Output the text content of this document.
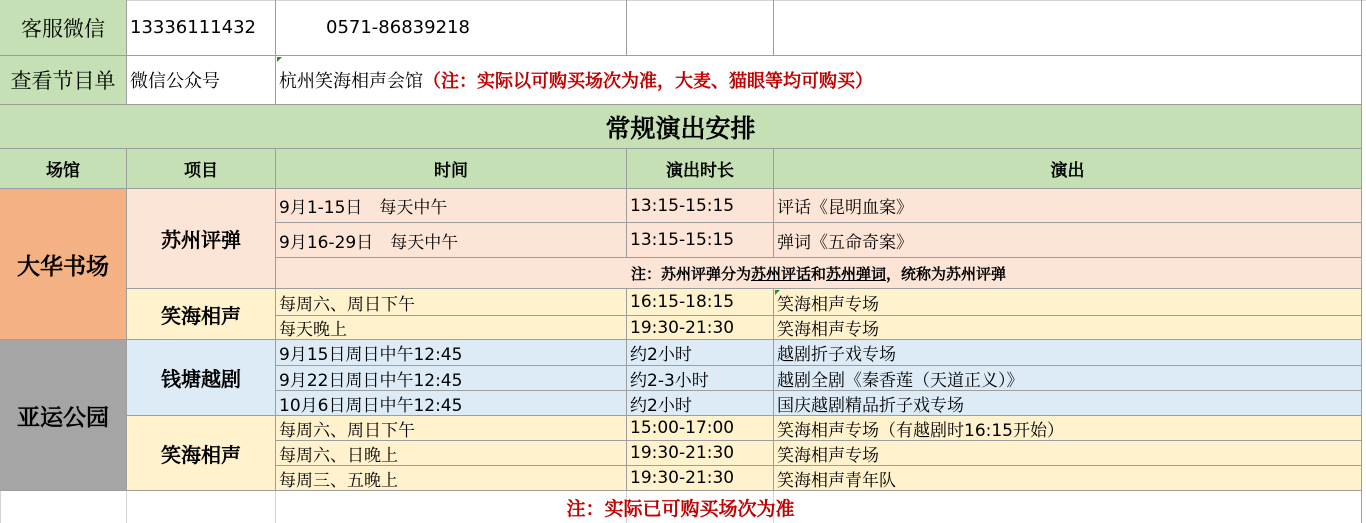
客服微信	13336111432	0571-86839218
查看节目单 微信公众号	杭州笑海相声会馆 （注：实际以可购买场次为准，大麦、猫眼等均可购买）
常规演出安排
场馆	项目	时间	演出时长	演出
大华书场
苏州评弹
9月1-15日　每天中午	13:15-15:15	评话《昆明血案》
9月16-29日　每天中午	13:15-15:15	弹词《五命奇案》
注：苏州评弹分为 苏州评话 和 苏州弹词 ，统称为苏州评弹
笑海相声	每周六、周日下午	16:15-18:15	笑海相声专场
每天晚上	19:30-21:30	笑海相声专场
亚运公园
钱塘越剧
9月15日周日中午12:45	约2小时	越剧折子戏专场
9月22日周日中午12:45	约2-3小时	越剧全剧《秦香莲（天道正义）》
10月6日周日中午12:45	约2小时	国庆越剧精品折子戏专场
笑海相声
每周六、周日下午	15:00-17:00	笑海相声专场（有越剧时16:15开始）
每周六、日晚上	19:30-21:30	笑海相声专场
每周三、五晚上	19:30-21:30	笑海相声青年队
注：实际已可购买场次为准
